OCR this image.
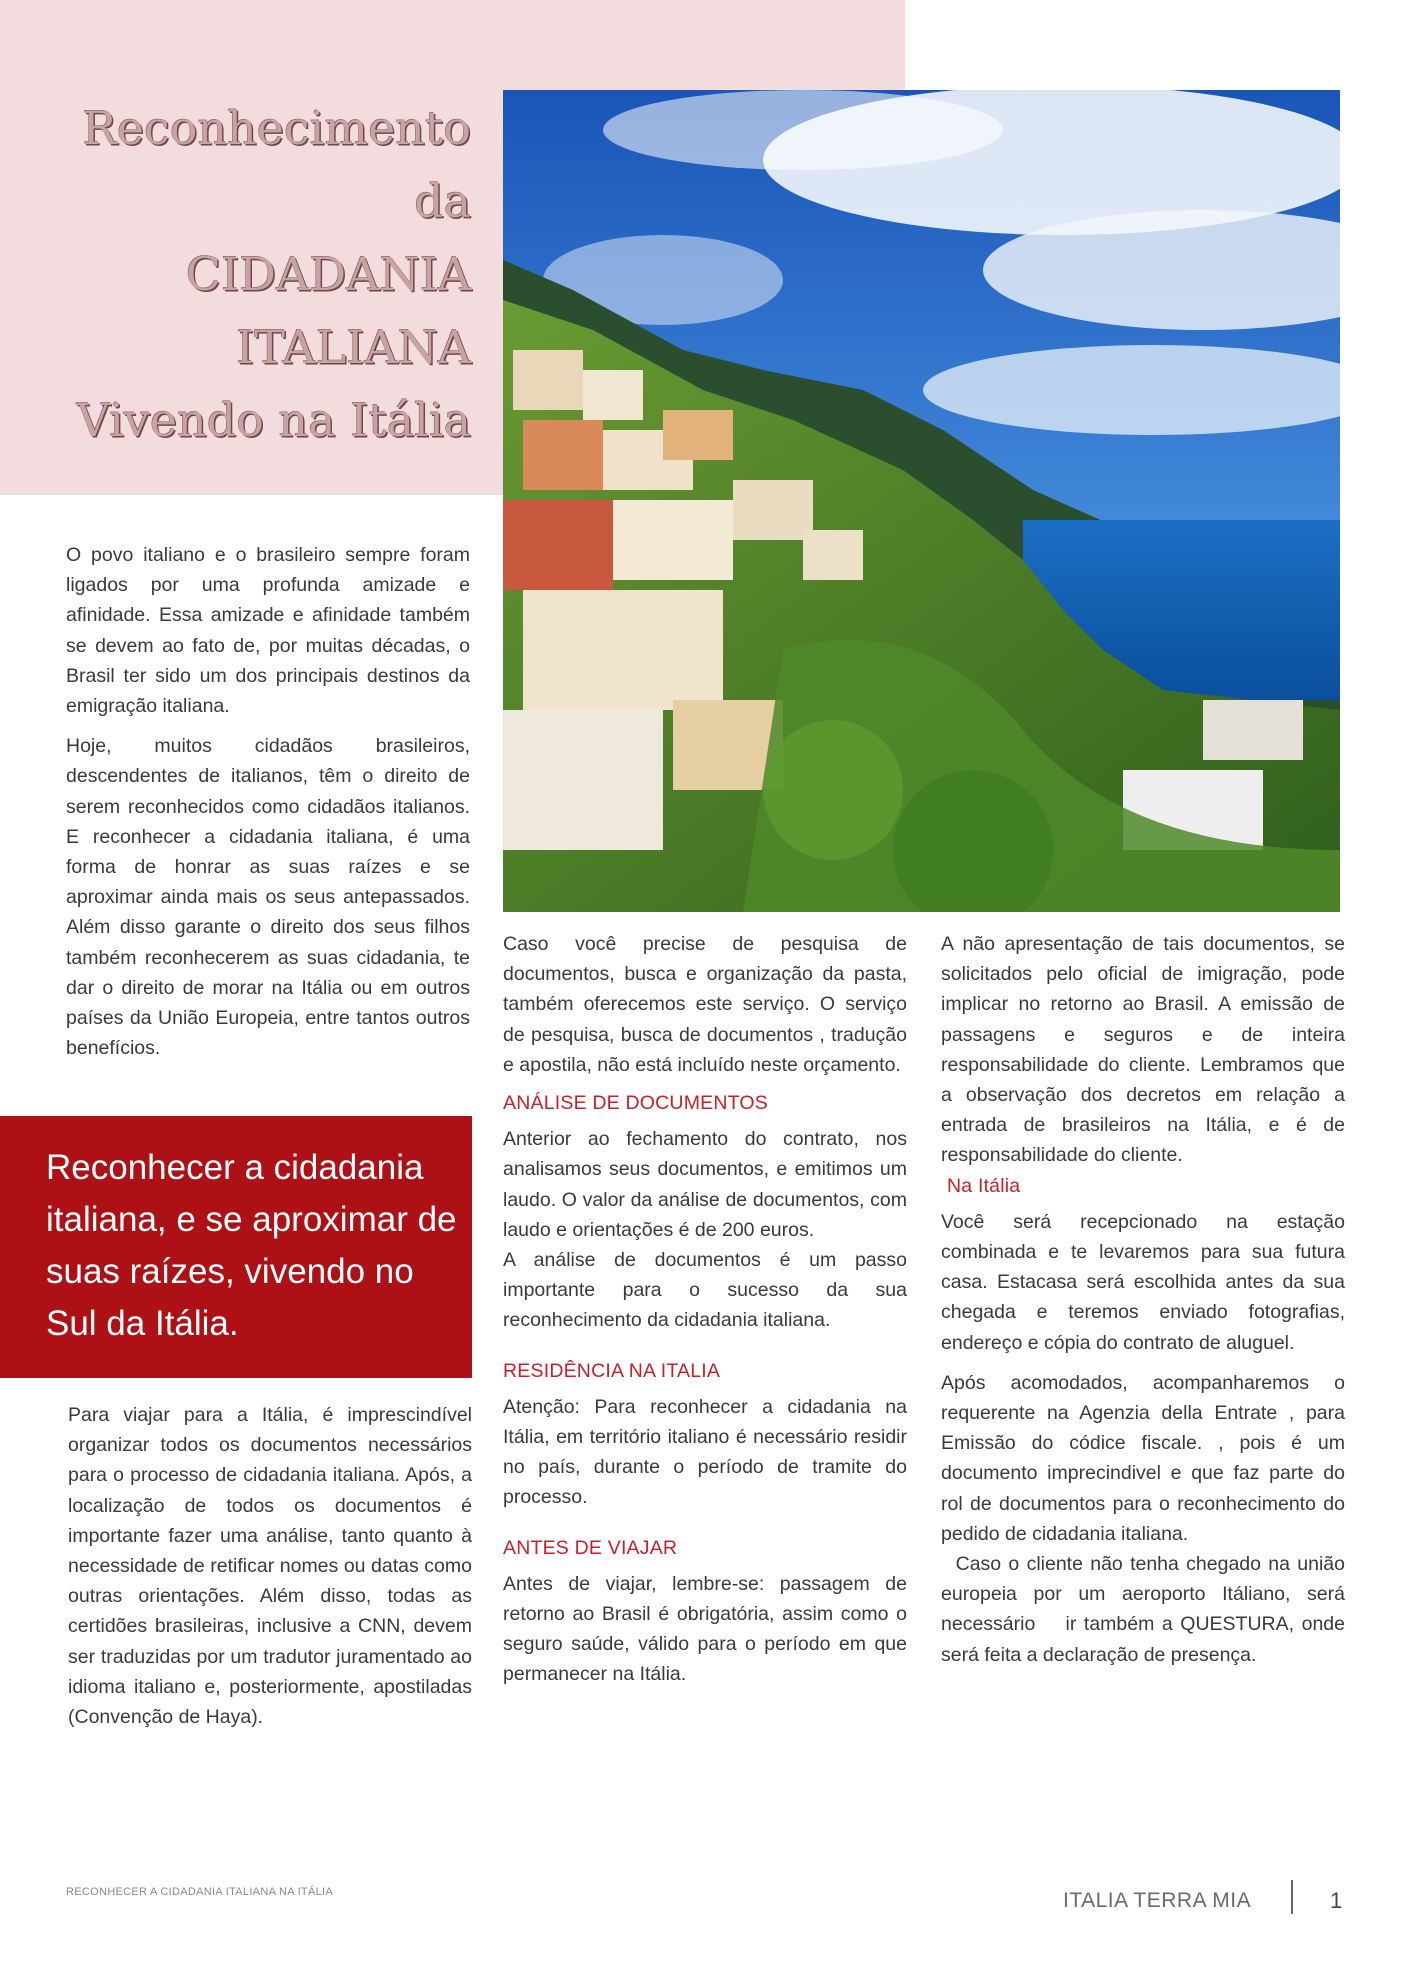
Reconhecimento
da
CIDADANIA
ITALIANA
Vivendo na Itália

O povo italiano e o brasileiro sempre foram ligados por uma profunda amizade e afinidade. Essa amizade e afinidade também se devem ao fato de, por muitas décadas, o Brasil ter sido um dos principais destinos da emigração italiana.

Hoje, muitos cidadãos brasileiros, descendentes de italianos, têm o direito de serem reconhecidos como cidadãos italianos. E reconhecer a cidadania italiana, é uma forma de honrar as suas raízes e se aproximar ainda mais os seus antepassados. Além disso garante o direito dos seus filhos também reconhecerem as suas cidadania, te dar o direito de morar na Itália ou em outros países da União Europeia, entre tantos outros benefícios.

Reconhecer a cidadania italiana, e se aproximar de suas raízes, vivendo no Sul da Itália.

Para viajar para a Itália, é imprescindível organizar todos os documentos necessários para o processo de cidadania italiana. Após, a localização de todos os documentos é importante fazer uma análise, tanto quanto à necessidade de retificar nomes ou datas como outras orientações. Além disso, todas as certidões brasileiras, inclusive a CNN, devem ser traduzidas por um tradutor juramentado ao idioma italiano e, posteriormente, apostiladas (Convenção de Haya).

Caso você precise de pesquisa de documentos, busca e organização da pasta, também oferecemos este serviço. O serviço de pesquisa, busca de documentos , tradução e apostila, não está incluído neste orçamento.

ANÁLISE DE DOCUMENTOS

Anterior ao fechamento do contrato, nos analisamos seus documentos, e emitimos um laudo. O valor da análise de documentos, com laudo e orientações é de 200 euros.

A análise de documentos é um passo importante para o sucesso da sua reconhecimento da cidadania italiana.

RESIDÊNCIA NA ITALIA

Atenção: Para reconhecer a cidadania na Itália, em território italiano é necessário residir no país, durante o período de tramite do processo.

ANTES DE VIAJAR

Antes de viajar, lembre-se: passagem de retorno ao Brasil é obrigatória, assim como o seguro saúde, válido para o período em que permanecer na Itália.

A não apresentação de tais documentos, se solicitados pelo oficial de imigração, pode implicar no retorno ao Brasil. A emissão de passagens e seguros e de inteira responsabilidade do cliente. Lembramos que a observação dos decretos em relação a entrada de brasileiros na Itália, e é de responsabilidade do cliente.

Na Itália

Você será recepcionado na estação combinada e te levaremos para sua futura casa. Estacasa será escolhida antes da sua chegada e teremos enviado fotografias, endereço e cópia do contrato de aluguel.

Após acomodados, acompanharemos o requerente na Agenzia della Entrate , para Emissão do códice fiscale. , pois é um documento imprecindivel e que faz parte do rol de documentos para o reconhecimento do pedido de cidadania italiana.

Caso o cliente não tenha chegado na união europeia por um aeroporto Itáliano, será necessário    ir também a QUESTURA, onde será feita a declaração de presença.

RECONHECER A CIDADANIA ITALIANA NA ITÁLIA	ITALIA TERRA MIA	1
